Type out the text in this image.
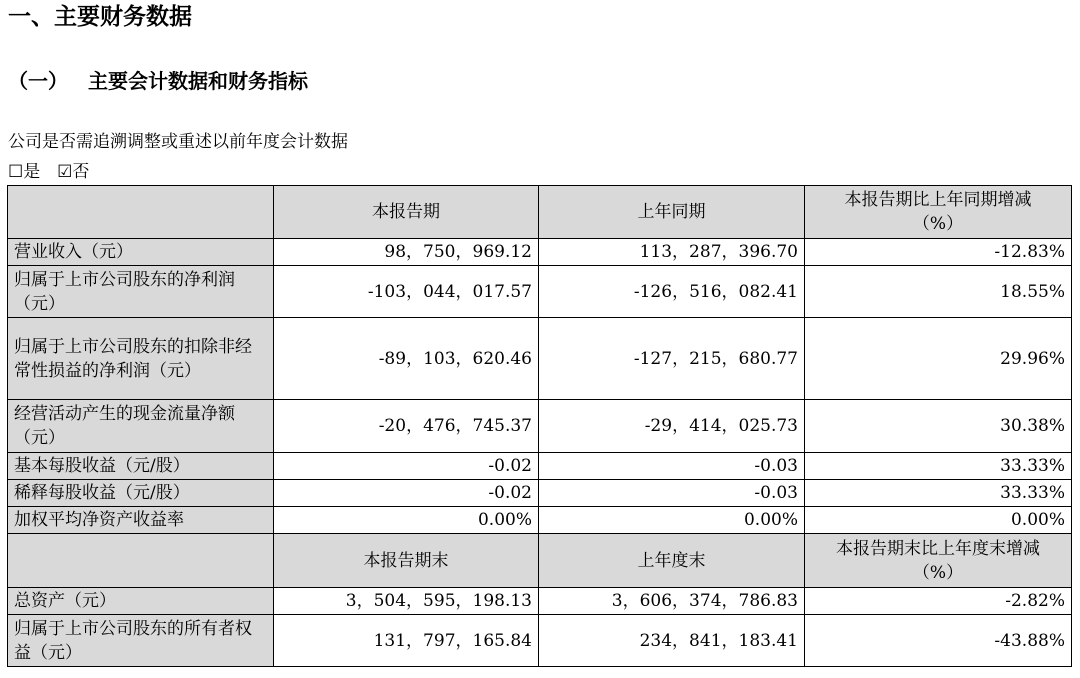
一、主要财务数据
（一） 主要会计数据和财务指标
公司是否需追溯调整或重述以前年度会计数据
☐是 ☑否
	本报告期	上年同期	本报告期比上年同期增减
（%）

营业收入（元）	98，750，969.12	113，287，396.70	-12.83%
归属于上市公司股东的净利润（元）	-103，044，017.57	-126，516，082.41	18.55%
归属于上市公司股东的扣除非经常性损益的净利润（元）	-89，103，620.46	-127，215，680.77	29.96%
经营活动产生的现金流量净额（元）	-20，476，745.37	-29，414，025.73	30.38%
基本每股收益（元/股）	-0.02	-0.03	33.33%
稀释每股收益（元/股）	-0.02	-0.03	33.33%
加权平均净资产收益率	0.00%	0.00%	0.00%
	本报告期末	上年度末	本报告期末比上年度末增减
（%）

总资产（元）	3，504，595，198.13	3，606，374，786.83	-2.82%
归属于上市公司股东的所有者权益（元）	131，797，165.84	234，841，183.41	-43.88%
